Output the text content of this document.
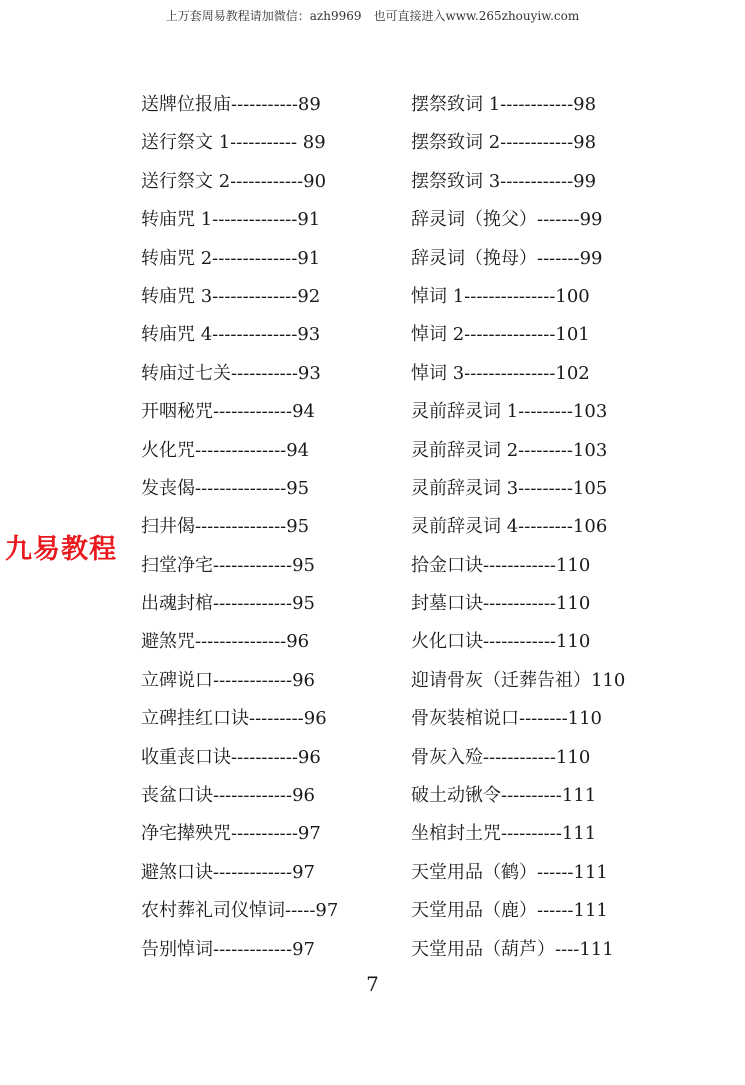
上万套周易教程请加微信：azh9969　也可直接进入www.265zhouyiw.com
九易教程
送牌位报庙-----------89
送行祭文 1----------- 89
送行祭文 2------------90
转庙咒 1--------------91
转庙咒 2--------------91
转庙咒 3--------------92
转庙咒 4--------------93
转庙过七关-----------93
开咽秘咒-------------94
火化咒---------------94
发丧偈---------------95
扫井偈---------------95
扫堂净宅-------------95
出魂封棺-------------95
避煞咒---------------96
立碑说口-------------96
立碑挂红口诀---------96
收重丧口诀-----------96
丧盆口诀-------------96
净宅撵殃咒-----------97
避煞口诀-------------97
农村葬礼司仪悼词-----97
告别悼词-------------97
摆祭致词 1------------98
摆祭致词 2------------98
摆祭致词 3------------99
辞灵词（挽父）-------99
辞灵词（挽母）-------99
悼词 1---------------100
悼词 2---------------101
悼词 3---------------102
灵前辞灵词 1---------103
灵前辞灵词 2---------103
灵前辞灵词 3---------105
灵前辞灵词 4---------106
拾金口诀------------110
封墓口诀------------110
火化口诀------------110
迎请骨灰（迁葬告祖）110
骨灰装棺说口--------110
骨灰入殓------------110
破土动锹令----------111
坐棺封土咒----------111
天堂用品（鹤）------111
天堂用品（鹿）------111
天堂用品（葫芦）----111
7
